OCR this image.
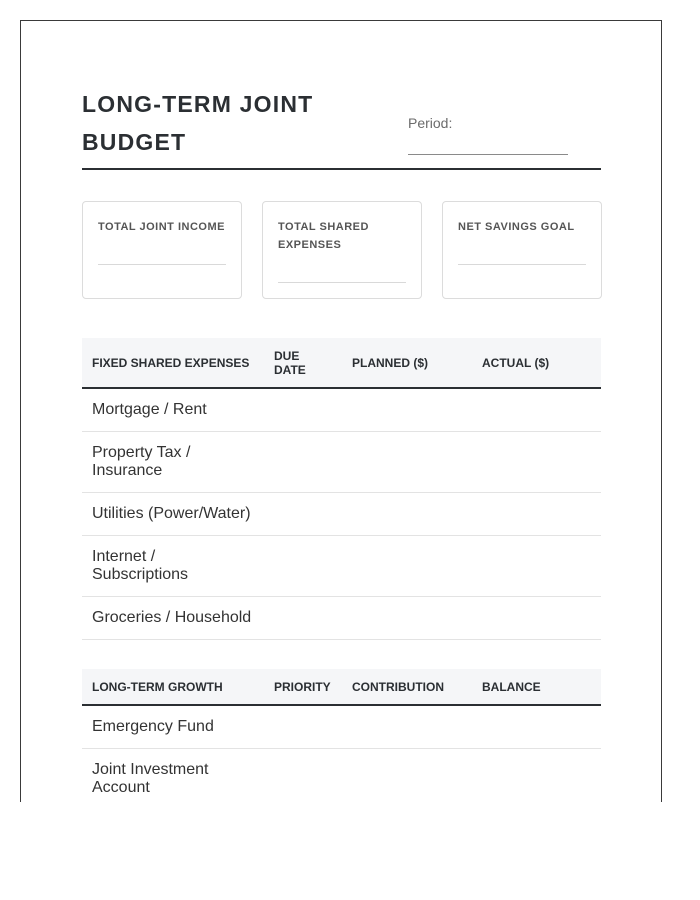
LONG-TERM JOINT BUDGET
Period:
TOTAL JOINT INCOME	TOTAL SHARED EXPENSES
NET SAVINGS GOAL
FIXED SHARED EXPENSES	DUE DATE	PLANNED ($)	ACTUAL ($)
Mortgage / Rent			
Property Tax / Insurance			
Utilities (Power/Water)			
Internet / Subscriptions			
Groceries / Household			
LONG-TERM GROWTH	PRIORITY	CONTRIBUTION	BALANCE
Emergency Fund			
Joint Investment Account			
